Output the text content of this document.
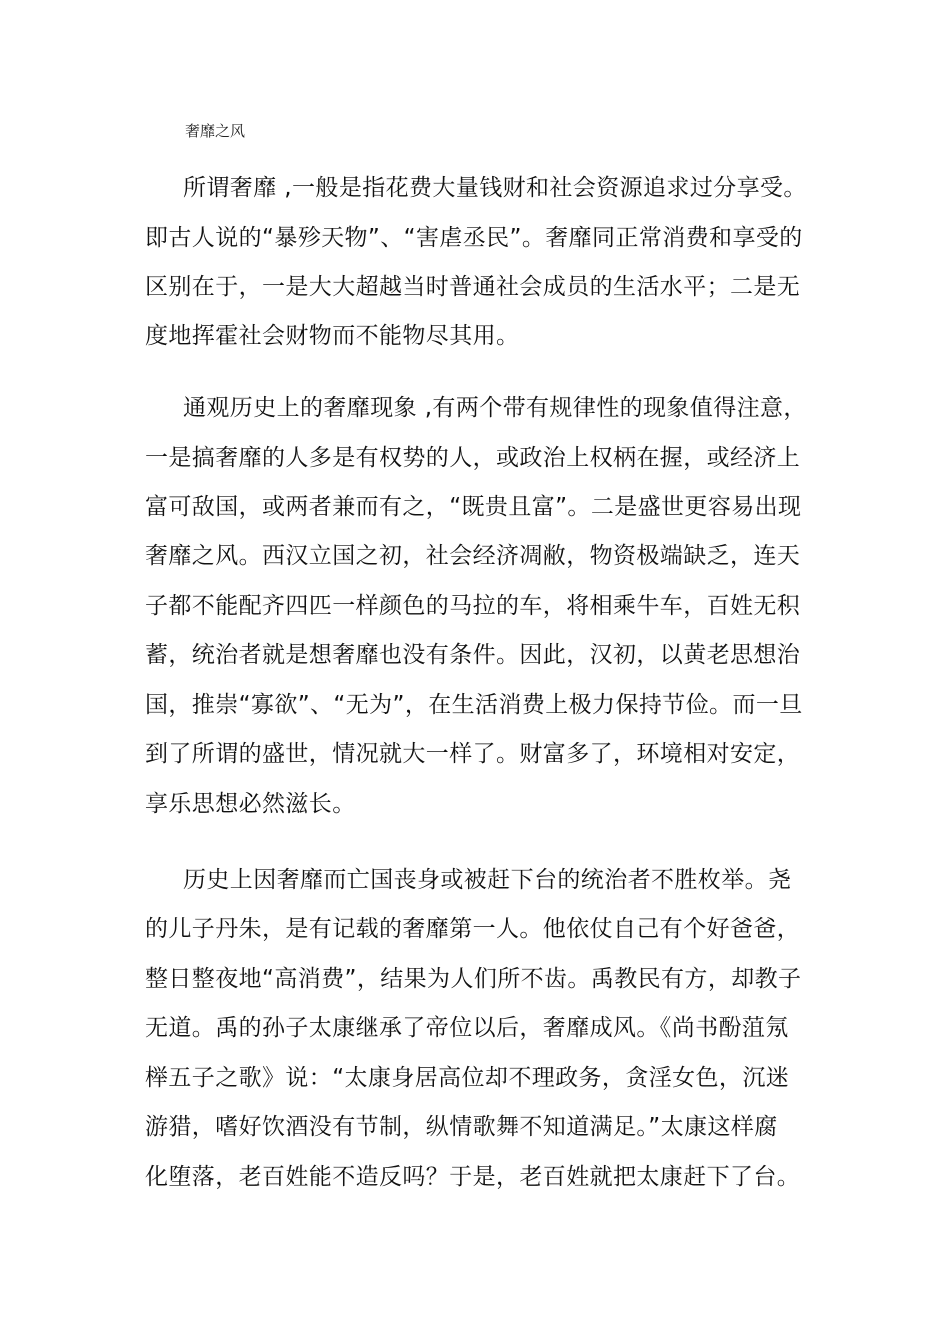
奢靡之风
所谓奢靡 ,一般是指花费大量钱财和社会资源追求过分享受。
即古人说的“暴殄天物”、“害虐丞民”。奢靡同正常消费和享受的
区别在于，一是大大超越当时普通社会成员的生活水平；二是无
度地挥霍社会财物而不能物尽其用。
通观历史上的奢靡现象 ,有两个带有规律性的现象值得注意，
一是搞奢靡的人多是有权势的人，或政治上权柄在握，或经济上
富可敌国，或两者兼而有之，“既贵且富”。二是盛世更容易出现
奢靡之风。西汉立国之初，社会经济凋敝，物资极端缺乏，连天
子都不能配齐四匹一样颜色的马拉的车，将相乘牛车，百姓无积
蓄，统治者就是想奢靡也没有条件。因此，汉初，以黄老思想治
国，推崇“寡欲”、“无为”，在生活消费上极力保持节俭。而一旦
到了所谓的盛世，情况就大一样了。财富多了，环境相对安定，
享乐思想必然滋长。
历史上因奢靡而亡国丧身或被赶下台的统治者不胜枚举。尧
的儿子丹朱，是有记载的奢靡第一人。他依仗自己有个好爸爸，
整日整夜地“高消费”，结果为人们所不齿。禹教民有方，却教子
无道。禹的孙子太康继承了帝位以后，奢靡成风。《尚书酚菹氖
榉五子之歌》说：“太康身居高位却不理政务，贪淫女色，沉迷
游猎，嗜好饮酒没有节制，纵情歌舞不知道满足。”太康这样腐
化堕落，老百姓能不造反吗？于是，老百姓就把太康赶下了台。
